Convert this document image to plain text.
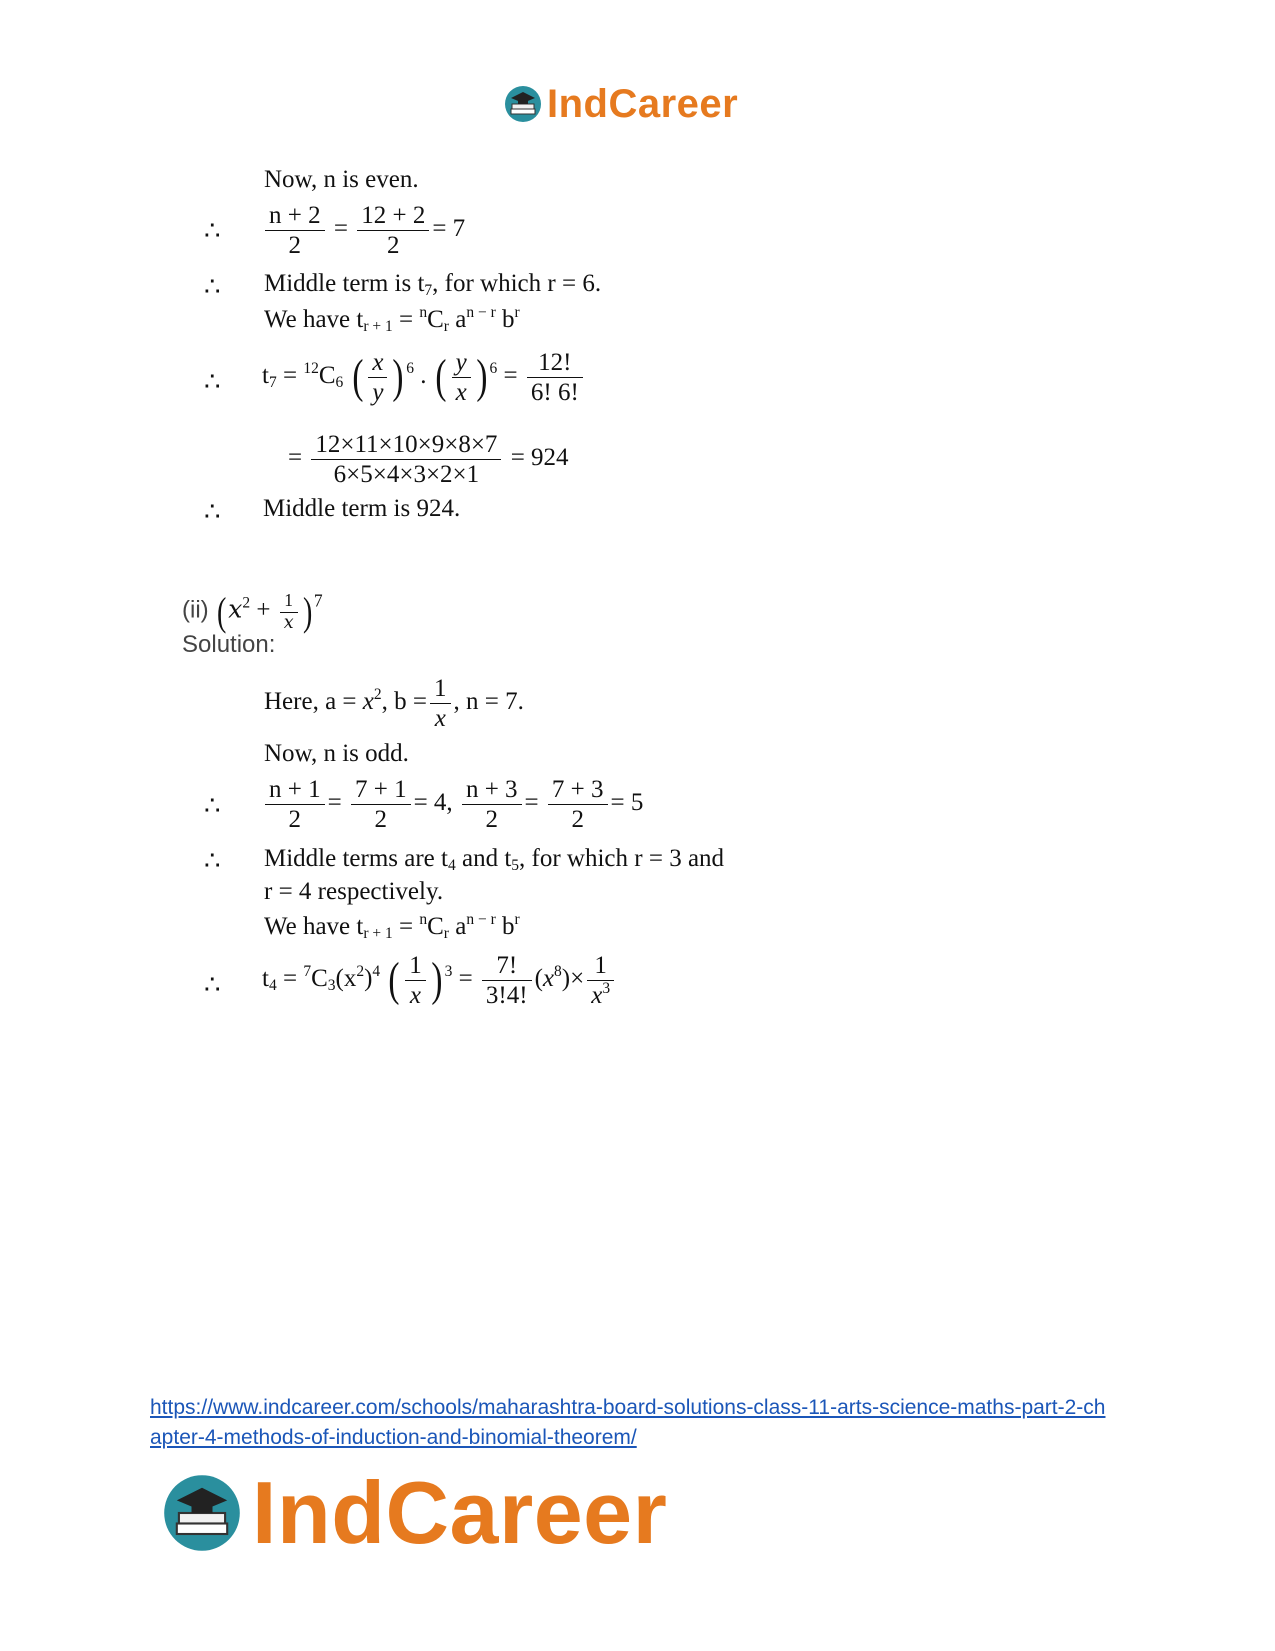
IndCareer
Now, n is even.
∴ $\frac{n + 2}{2} = \frac{12 + 2}{2} = 7$
∴ Middle term is $t_7$, for which r = 6.
We have $t_{r + 1} = ^nC_r$ $a^{n - r}$ $b^r$
∴ $t_7 = ^{12}C_6$ ( $\frac{x}{y}$ ) $^6$ . ( $\frac{y}{x}$ ) $^6 = \frac{12!}{6! 6!}$
= $\frac{12\times 11\times 10\times 9\times 8\times 7}{6\times 5\times 4\times 3\times 2\times 1} = 924$
∴ Middle term is 924.
(ii) ($x^2 + \frac{1}{x}$ ) $^7$
Solution:
Here, $a = x^2$, $b = \frac{1}{x}$ , n = 7.
Now, n is odd.
∴ $\frac{n + 1}{2} = \frac{7 + 1}{2} = 4$, $\frac{n + 3}{2} = \frac{7 + 3}{2} = 5$
∴ Middle terms are $t_4$ and $t_5$, for which r = 3 and
r = 4 respectively.
We have $t_{r + 1} = ^nC_r$ $a^{n - r}$ $b^r$
∴ $t_4 = ^7C_3(x^2)^4$ ( $\frac{1}{x}$ ) $^3 = \frac{7!}{3!4!} (x^8)\times \frac{1}{x^3}$
https://www.indcareer.com/schools/maharashtra-board-solutions-class-11-arts-science-maths-part-2-chapter-4-methods-of-induction-and-binomial-theorem/
IndCareer
